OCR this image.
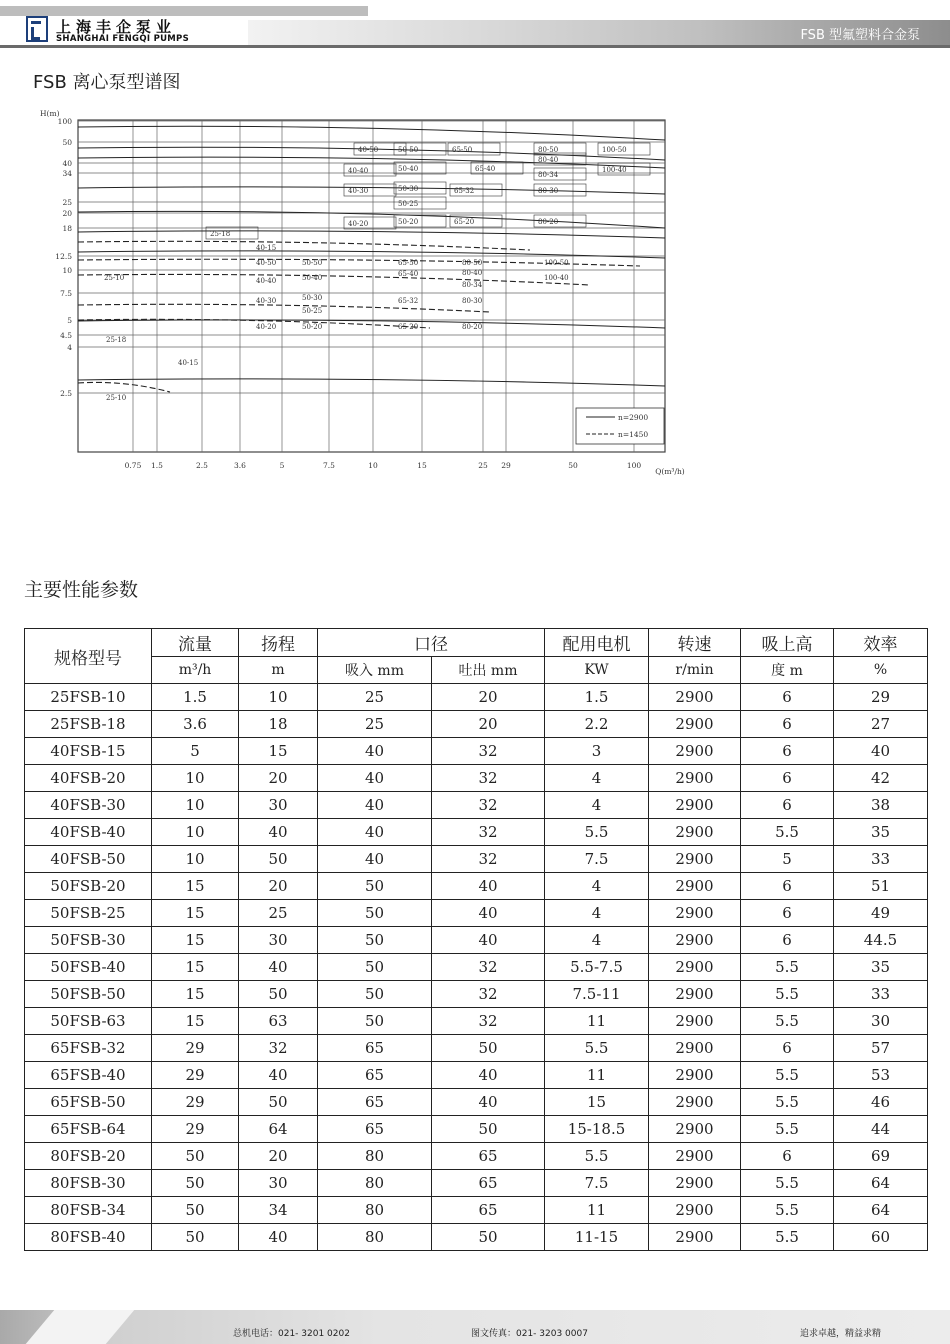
上海丰企泵业
SHANGHAI FENGQI PUMPS	FSB 型氟塑料合金泵
FSB 离心泵型谱图
100
50
40
34
25
20
18
12.5
10
7.5
5
4.5
4
2.5
0.75 1.5	2.5	3.6	5	7.5	10	15	25 29	50	100
H(m)
Q(m³/h)
40-50	50-50	65-50	80-50	100-50
80-40
40-40	50-40	65-40	100-40
80-34
40-30	50-30	65-32	80-30
50-25
25-18
40-20	50-20	65-20	80-20
40-15
25-10
40-50	50-50	65-50	80-50	100-50
40-40	50-40	65-40	80-40
100-40
80-34
40-30	50-30	65-32	80-30
50-25
40-20	50-20	65-20	80-20
25-18
40-15
25-10
n=2900
n=1450
主要性能参数
规格型号	流量	扬程	口径		配用电机	转速	吸上高	效率
	m³/h	m	吸入 mm	吐出 mm	KW	r/min	度 m	%
25FSB-10	1.5	10	25	20	1.5	2900	6	29
25FSB-18	3.6	18	25	20	2.2	2900	6	27
40FSB-15	5	15	40	32	3	2900	6	40
40FSB-20	10	20	40	32	4	2900	6	42
40FSB-30	10	30	40	32	4	2900	6	38
40FSB-40	10	40	40	32	5.5	2900	5.5	35
40FSB-50	10	50	40	32	7.5	2900	5	33
50FSB-20	15	20	50	40	4	2900	6	51
50FSB-25	15	25	50	40	4	2900	6	49
50FSB-30	15	30	50	40	4	2900	6	44.5
50FSB-40	15	40	50	32	5.5-7.5	2900	5.5	35
50FSB-50	15	50	50	32	7.5-11	2900	5.5	33
50FSB-63	15	63	50	32	11	2900	5.5	30
65FSB-32	29	32	65	50	5.5	2900	6	57
65FSB-40	29	40	65	40	11	2900	5.5	53
65FSB-50	29	50	65	40	15	2900	5.5	46
65FSB-64	29	64	65	50	15-18.5	2900	5.5	44
80FSB-20	50	20	80	65	5.5	2900	6	69
80FSB-30	50	30	80	65	7.5	2900	5.5	64
80FSB-34	50	34	80	65	11	2900	5.5	64
80FSB-40	50	40	80	50	11-15	2900	5.5	60
总机电话：021- 3201 0202	图文传真：021- 3203 0007	追求卓越，精益求精
